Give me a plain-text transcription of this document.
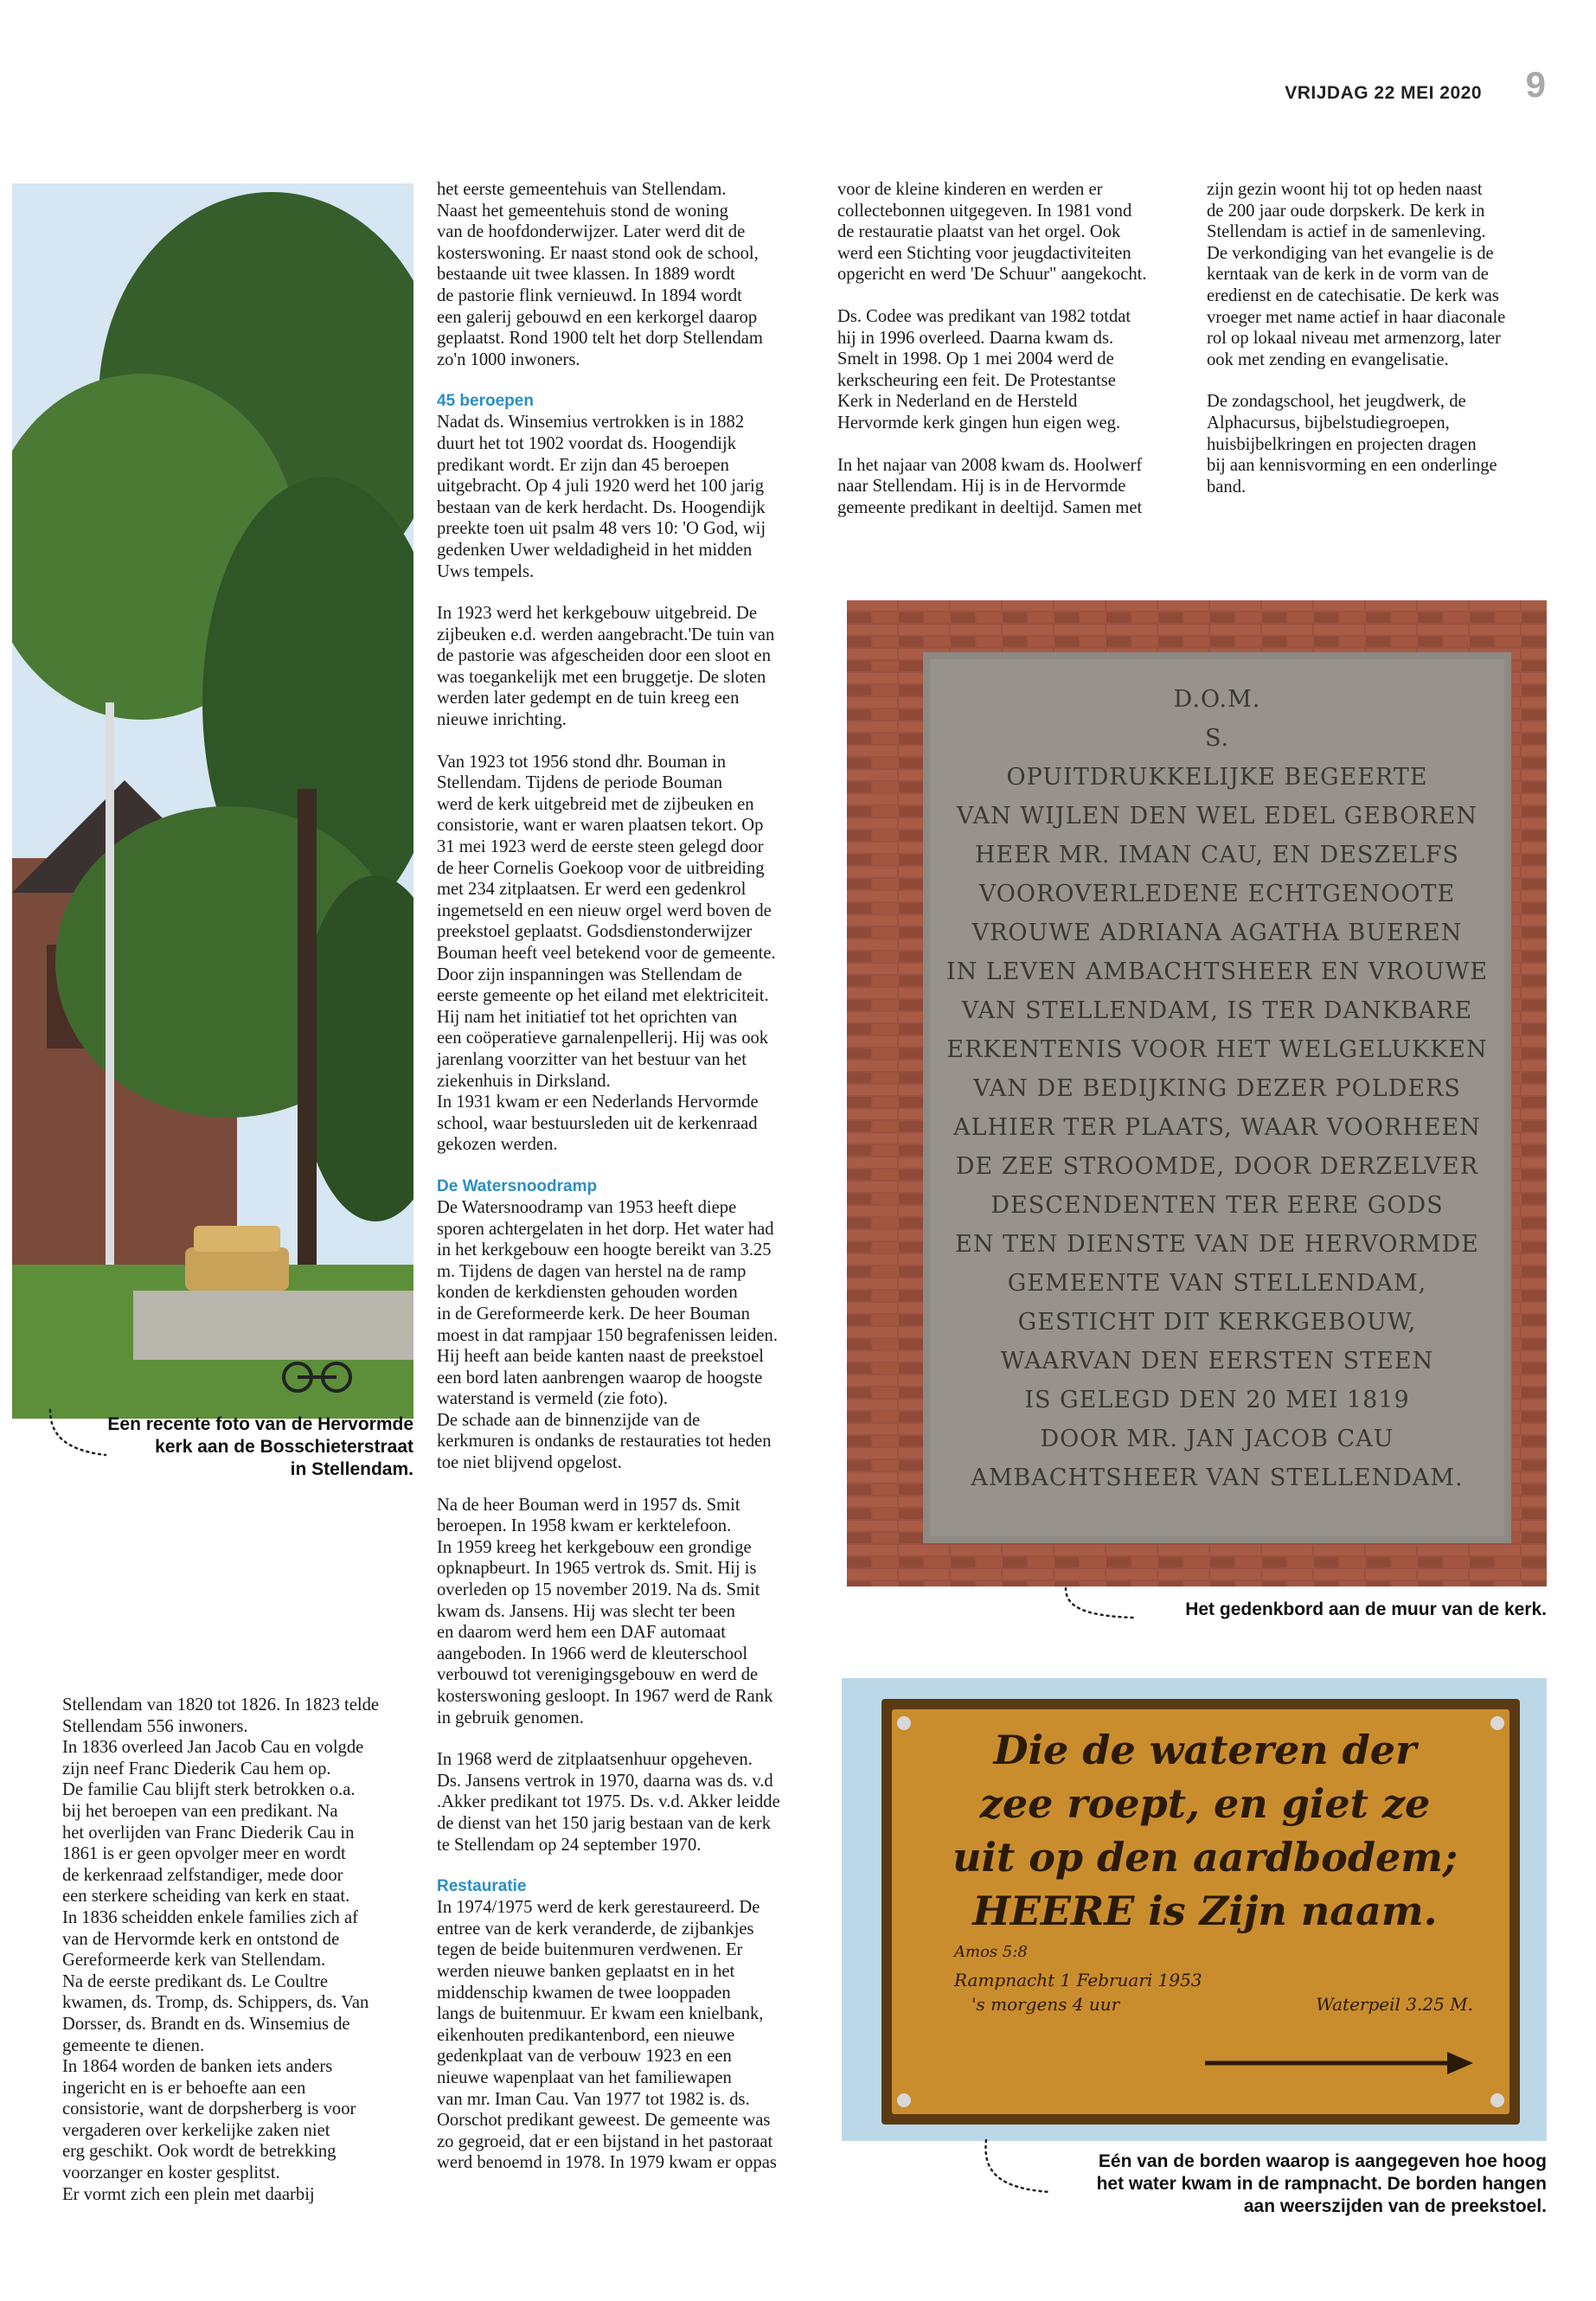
VRIJDAG 22 MEI 2020 9
Een recente foto van de Hervormde
kerk aan de Bosschieterstraat
in Stellendam.

Stellendam van 1820 tot 1826. In 1823 telde
Stellendam 556 inwoners.
In 1836 overleed Jan Jacob Cau en volgde
zijn neef Franc Diederik Cau hem op.
De familie Cau blijft sterk betrokken o.a.
bij het beroepen van een predikant. Na
het overlijden van Franc Diederik Cau in
1861 is er geen opvolger meer en wordt
de kerkenraad zelfstandiger, mede door
een sterkere scheiding van kerk en staat.
In 1836 scheidden enkele families zich af
van de Hervormde kerk en ontstond de
Gereformeerde kerk van Stellendam.
Na de eerste predikant ds. Le Coultre
kwamen, ds. Tromp, ds. Schippers, ds. Van
Dorsser, ds. Brandt en ds. Winsemius de
gemeente te dienen.
In 1864 worden de banken iets anders
ingericht en is er behoefte aan een
consistorie, want de dorpsherberg is voor
vergaderen over kerkelijke zaken niet
erg geschikt. Ook wordt de betrekking
voorzanger en koster gesplitst.
Er vormt zich een plein met daarbij

het eerste gemeentehuis van Stellendam.
Naast het gemeentehuis stond de woning
van de hoofdonderwijzer. Later werd dit de
kosterswoning. Er naast stond ook de school,
bestaande uit twee klassen. In 1889 wordt
de pastorie flink vernieuwd. In 1894 wordt
een galerij gebouwd en een kerkorgel daarop
geplaatst. Rond 1900 telt het dorp Stellendam
zo'n 1000 inwoners.

45 beroepen

Nadat ds. Winsemius vertrokken is in 1882
duurt het tot 1902 voordat ds. Hoogendijk
predikant wordt. Er zijn dan 45 beroepen
uitgebracht. Op 4 juli 1920 werd het 100 jarig
bestaan van de kerk herdacht. Ds. Hoogendijk
preekte toen uit psalm 48 vers 10: 'O God, wij
gedenken Uwer weldadigheid in het midden
Uws tempels.

In 1923 werd het kerkgebouw uitgebreid. De
zijbeuken e.d. werden aangebracht.'De tuin van
de pastorie was afgescheiden door een sloot en
was toegankelijk met een bruggetje. De sloten
werden later gedempt en de tuin kreeg een
nieuwe inrichting.

Van 1923 tot 1956 stond dhr. Bouman in
Stellendam. Tijdens de periode Bouman
werd de kerk uitgebreid met de zijbeuken en
consistorie, want er waren plaatsen tekort. Op
31 mei 1923 werd de eerste steen gelegd door
de heer Cornelis Goekoop voor de uitbreiding
met 234 zitplaatsen. Er werd een gedenkrol
ingemetseld en een nieuw orgel werd boven de
preekstoel geplaatst. Godsdienstonderwijzer
Bouman heeft veel betekend voor de gemeente.
Door zijn inspanningen was Stellendam de
eerste gemeente op het eiland met elektriciteit.
Hij nam het initiatief tot het oprichten van
een coöperatieve garnalenpellerij. Hij was ook
jarenlang voorzitter van het bestuur van het
ziekenhuis in Dirksland.
In 1931 kwam er een Nederlands Hervormde
school, waar bestuursleden uit de kerkenraad
gekozen werden.

De Watersnoodramp

De Watersnoodramp van 1953 heeft diepe
sporen achtergelaten in het dorp. Het water had
in het kerkgebouw een hoogte bereikt van 3.25
m. Tijdens de dagen van herstel na de ramp
konden de kerkdiensten gehouden worden
in de Gereformeerde kerk. De heer Bouman
moest in dat rampjaar 150 begrafenissen leiden.
Hij heeft aan beide kanten naast de preekstoel
een bord laten aanbrengen waarop de hoogste
waterstand is vermeld (zie foto).
De schade aan de binnenzijde van de
kerkmuren is ondanks de restauraties tot heden
toe niet blijvend opgelost.

Na de heer Bouman werd in 1957 ds. Smit
beroepen. In 1958 kwam er kerktelefoon.
In 1959 kreeg het kerkgebouw een grondige
opknapbeurt. In 1965 vertrok ds. Smit. Hij is
overleden op 15 november 2019. Na ds. Smit
kwam ds. Jansens. Hij was slecht ter been
en daarom werd hem een DAF automaat
aangeboden. In 1966 werd de kleuterschool
verbouwd tot verenigingsgebouw en werd de
kosterswoning gesloopt. In 1967 werd de Rank
in gebruik genomen.

In 1968 werd de zitplaatsenhuur opgeheven.
Ds. Jansens vertrok in 1970, daarna was ds. v.d
.Akker predikant tot 1975. Ds. v.d. Akker leidde
de dienst van het 150 jarig bestaan van de kerk
te Stellendam op 24 september 1970.

Restauratie

In 1974/1975 werd de kerk gerestaureerd. De
entree van de kerk veranderde, de zijbankjes
tegen de beide buitenmuren verdwenen. Er
werden nieuwe banken geplaatst en in het
middenschip kwamen de twee looppaden
langs de buitenmuur. Er kwam een knielbank,
eikenhouten predikantenbord, een nieuwe
gedenkplaat van de verbouw 1923 en een
nieuwe wapenplaat van het familiewapen
van mr. Iman Cau. Van 1977 tot 1982 is. ds.
Oorschot predikant geweest. De gemeente was
zo gegroeid, dat er een bijstand in het pastoraat
werd benoemd in 1978. In 1979 kwam er oppas

voor de kleine kinderen en werden er
collectebonnen uitgegeven. In 1981 vond
de restauratie plaatst van het orgel. Ook
werd een Stichting voor jeugdactiviteiten
opgericht en werd 'De Schuur" aangekocht.

Ds. Codee was predikant van 1982 totdat
hij in 1996 overleed. Daarna kwam ds.
Smelt in 1998. Op 1 mei 2004 werd de
kerkscheuring een feit. De Protestantse
Kerk in Nederland en de Hersteld
Hervormde kerk gingen hun eigen weg.

In het najaar van 2008 kwam ds. Hoolwerf
naar Stellendam. Hij is in de Hervormde
gemeente predikant in deeltijd. Samen met

zijn gezin woont hij tot op heden naast
de 200 jaar oude dorpskerk. De kerk in
Stellendam is actief in de samenleving.
De verkondiging van het evangelie is de
kerntaak van de kerk in de vorm van de
eredienst en de catechisatie. De kerk was
vroeger met name actief in haar diaconale
rol op lokaal niveau met armenzorg, later
ook met zending en evangelisatie.

De zondagschool, het jeugdwerk, de
Alphacursus, bijbelstudiegroepen,
huisbijbelkringen en projecten dragen
bij aan kennisvorming en een onderlinge
band.

D.O.M.
S.
OPUITDRUKKELIJKE BEGEERTE
VAN WIJLEN DEN WEL EDEL GEBOREN
HEER MR. IMAN CAU, EN DESZELFS
VOOROVERLEDENE ECHTGENOOTE
VROUWE ADRIANA AGATHA BUEREN
IN LEVEN AMBACHTSHEER EN VROUWE
VAN STELLENDAM, IS TER DANKBARE
ERKENTENIS VOOR HET WELGELUKKEN
VAN DE BEDIJKING DEZER POLDERS
ALHIER TER PLAATS, WAAR VOORHEEN
DE ZEE STROOMDE, DOOR DERZELVER
DESCENDENTEN TER EERE GODS
EN TEN DIENSTE VAN DE HERVORMDE
GEMEENTE VAN STELLENDAM,
GESTICHT DIT KERKGEBOUW,
WAARVAN DEN EERSTEN STEEN
IS GELEGD DEN 20 MEI 1819
DOOR MR. JAN JACOB CAU
AMBACHTSHEER VAN STELLENDAM.
Het gedenkbord aan de muur van de kerk.
Die de wateren der
zee roept, en giet ze
uit op den aardbodem;
HEERE is Zijn naam.
Amos 5:8
Rampnacht 1 Februari 1953
's morgens 4 uur	Waterpeil 3.25 M.
Eén van de borden waarop is aangegeven hoe hoog
het water kwam in de rampnacht. De borden hangen
aan weerszijden van de preekstoel.
